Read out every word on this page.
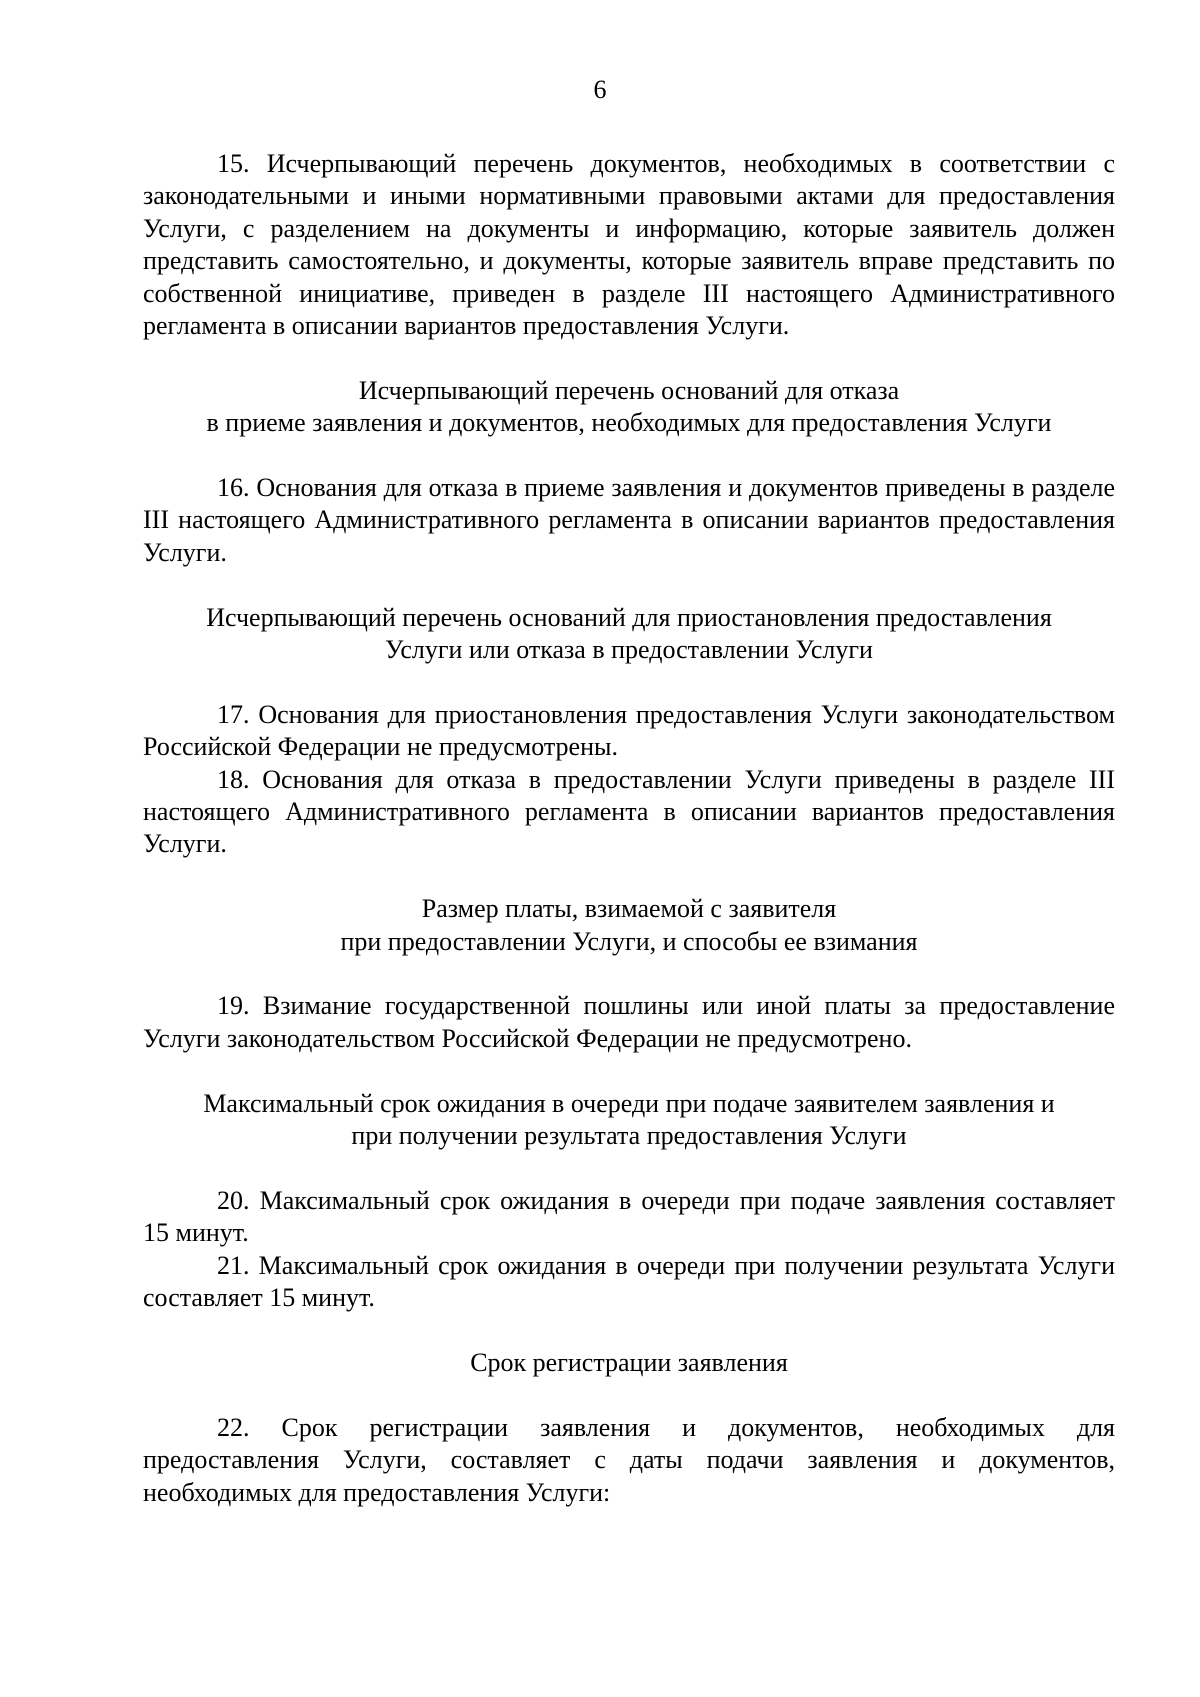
6

15. Исчерпывающий перечень документов, необходимых в соответствии с законодательными и иными нормативными правовыми актами для предоставления Услуги, с разделением на документы и информацию, которые заявитель должен представить самостоятельно, и документы, которые заявитель вправе представить по собственной инициативе, приведен в разделе III настоящего Административного регламента в описании вариантов предоставления Услуги.

Исчерпывающий перечень оснований для отказа
в приеме заявления и документов, необходимых для предоставления Услуги

16. Основания для отказа в приеме заявления и документов приведены в разделе III настоящего Административного регламента в описании вариантов предоставления Услуги.

Исчерпывающий перечень оснований для приостановления предоставления
Услуги или отказа в предоставлении Услуги

17. Основания для приостановления предоставления Услуги законодательством Российской Федерации не предусмотрены.

18. Основания для отказа в предоставлении Услуги приведены в разделе III настоящего Административного регламента в описании вариантов предоставления Услуги.

Размер платы, взимаемой с заявителя
при предоставлении Услуги, и способы ее взимания

19. Взимание государственной пошлины или иной платы за предоставление Услуги законодательством Российской Федерации не предусмотрено.

Максимальный срок ожидания в очереди при подаче заявителем заявления и
при получении результата предоставления Услуги

20. Максимальный срок ожидания в очереди при подаче заявления составляет 15 минут.

21. Максимальный срок ожидания в очереди при получении результата Услуги составляет 15 минут.

Срок регистрации заявления

22. Срок регистрации заявления и документов, необходимых для предоставления Услуги, составляет с даты подачи заявления и документов, необходимых для предоставления Услуги:
